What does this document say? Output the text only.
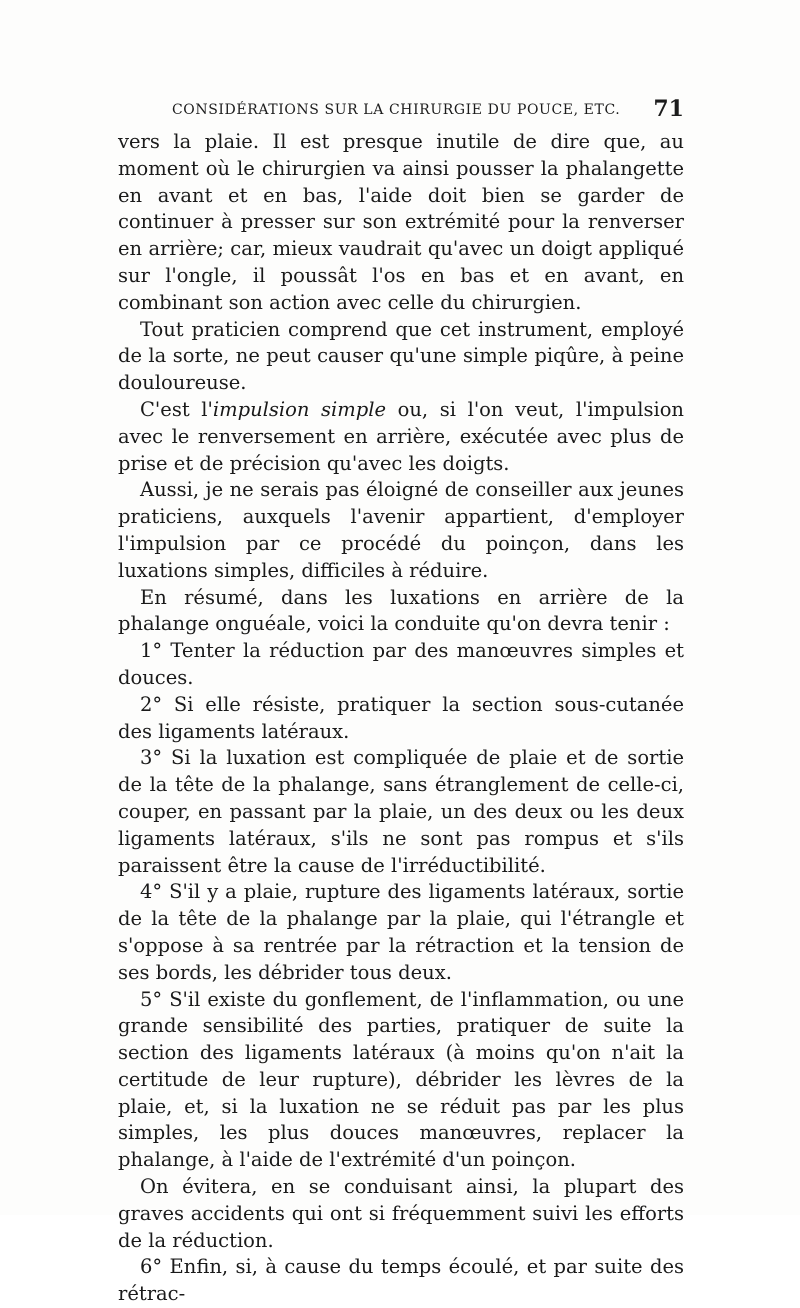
CONSIDÉRATIONS SUR LA CHIRURGIE DU POUCE, ETC. 71

vers la plaie. Il est presque inutile de dire que, au moment où le chirurgien va ainsi pousser la phalangette en avant et en bas, l'aide doit bien se garder de continuer à presser sur son extrémité pour la renverser en arrière; car, mieux vaudrait qu'avec un doigt appliqué sur l'ongle, il poussât l'os en bas et en avant, en combinant son action avec celle du chirurgien.

Tout praticien comprend que cet instrument, employé de la sorte, ne peut causer qu'une simple piqûre, à peine douloureuse.

C'est l'impulsion simple ou, si l'on veut, l'impulsion avec le renversement en arrière, exécutée avec plus de prise et de précision qu'avec les doigts.

Aussi, je ne serais pas éloigné de conseiller aux jeunes praticiens, auxquels l'avenir appartient, d'employer l'impulsion par ce procédé du poinçon, dans les luxations simples, difficiles à réduire.

En résumé, dans les luxations en arrière de la phalange onguéale, voici la conduite qu'on devra tenir :

1° Tenter la réduction par des manœuvres simples et douces.

2° Si elle résiste, pratiquer la section sous-cutanée des ligaments latéraux.

3° Si la luxation est compliquée de plaie et de sortie de la tête de la phalange, sans étranglement de celle-ci, couper, en passant par la plaie, un des deux ou les deux ligaments latéraux, s'ils ne sont pas rompus et s'ils paraissent être la cause de l'irréductibilité.

4° S'il y a plaie, rupture des ligaments latéraux, sortie de la tête de la phalange par la plaie, qui l'étrangle et s'oppose à sa rentrée par la rétraction et la tension de ses bords, les débrider tous deux.

5° S'il existe du gonflement, de l'inflammation, ou une grande sensibilité des parties, pratiquer de suite la section des ligaments latéraux (à moins qu'on n'ait la certitude de leur rupture), débrider les lèvres de la plaie, et, si la luxation ne se réduit pas par les plus simples, les plus douces manœuvres, replacer la phalange, à l'aide de l'extrémité d'un poinçon.

On évitera, en se conduisant ainsi, la plupart des graves accidents qui ont si fréquemment suivi les efforts de la réduction.

6° Enfin, si, à cause du temps écoulé, et par suite des rétrac-
